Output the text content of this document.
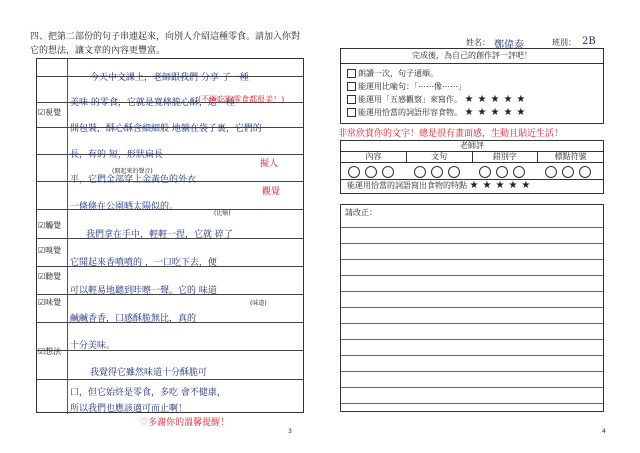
四、把第二部份的句子串連起來，向別人介紹這種零食。請加入你對它的想法，讓文章的內容更豐富。
☑視覺
☑觸覺
☑嗅覺
☑聽覺
☑味覺
☑想法
今天中文課上，老師跟我們 分享 了一種
美味 的零食，它就是寬條脆心酥，這一種
開包裝，酥心酥含細細般 地躺在袋子裏，它們的
長，有的 短，形狀扁長
平，它們全部穿上金黃色的外衣
一條條在公園晒太陽似的。
我們拿在手中，輕輕一捏，它就 碎了
它聞起來香噴噴的 ，一口吃下去，便
可以輕易地聽到咔嚓一聲。它的 味道
鹹鹹香香，口感酥脆無比，真的
十分美味。
我覺得它雖然味道十分酥脆可
口，但它始終是零食，多吃 會不健康，
所以我們也應該適可而止啊！
(開起來的聲音)
(比喻)
(味道)
(不能吃的零食都很美！)
擬人
觀覺
♡多謝你的溫馨提醒！
3
姓名： 鄭偉泰	班別： 2B
完成後，為自己的創作評一評吧！
朗讀一次，句子通順。
能運用比喻句：「⋯⋯像⋯⋯」
能運用「五感觀察」來寫作。 ★★★★★
能運用恰當的詞語形容食物。 ★★★★★
非常欣賞你的文字！總是很有畫面感，生動且貼近生活！
老師評
內容	文句	錯別字	標點符號
能運用恰當的詞語寫出食物的特點 ★★★★★
請改正：
4
